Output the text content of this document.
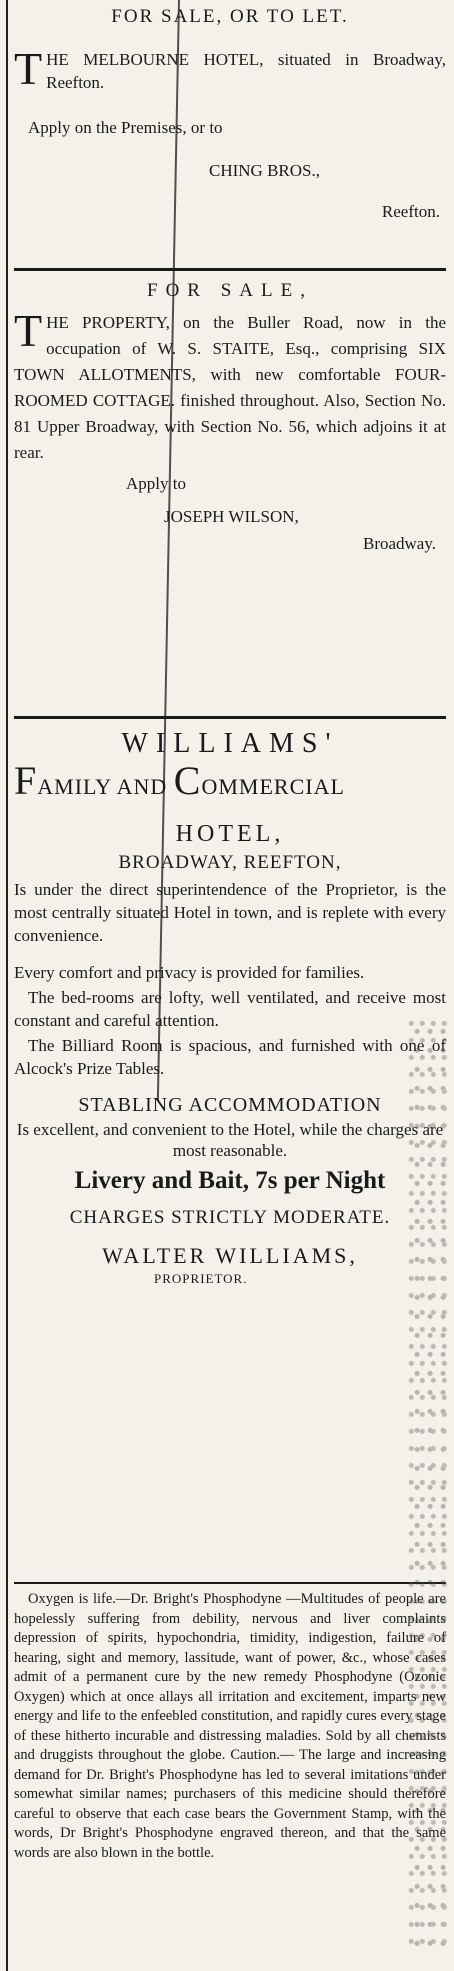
FOR SALE, OR TO LET.

T HE MELBOURNE HOTEL, situated in Broadway, Reefton.

Apply on the Premises, or to

CHING BROS.,

Reefton.

FOR SALE,

T HE PROPERTY, on the Buller Road, now in the occupation of W. S. STAITE, Esq., comprising SIX TOWN ALLOTMENTS, with new comfortable FOUR-ROOMED COTTAGE. finished throughout. Also, Section No. 81 Upper Broadway, with Section No. 56, which adjoins it at rear.

Apply to

JOSEPH WILSON,

Broadway.

WILLIAMS'

FAMILY AND COMMERCIAL

HOTEL,

BROADWAY, REEFTON,

Is under the direct superintendence of the Proprietor, is the most centrally situated Hotel in town, and is replete with every convenience.

Every comfort and privacy is provided for families.

The bed-rooms are lofty, well ventilated, and receive most constant and careful attention.

The Billiard Room is spacious, and furnished with one of Alcock's Prize Tables.

STABLING ACCOMMODATION

Is excellent, and convenient to the Hotel, while the charges are most reasonable.

Livery and Bait, 7s per Night

CHARGES STRICTLY MODERATE.

WALTER WILLIAMS,

PROPRIETOR.

Oxygen is life.—Dr. Bright's Phosphodyne —Multitudes of people are hopelessly suffering from debility, nervous and liver complaints depression of spirits, hypochondria, timidity, indigestion, failure of hearing, sight and memory, lassitude, want of power, &c., whose cases admit of a permanent cure by the new remedy Phosphodyne (Ozonic Oxygen) which at once allays all irritation and excitement, imparts new energy and life to the enfeebled constitution, and rapidly cures every stage of these hitherto incurable and distressing maladies. Sold by all chemists and druggists throughout the globe. Caution.— The large and increasing demand for Dr. Bright's Phosphodyne has led to several imitations under somewhat similar names; purchasers of this medicine should therefore careful to observe that each case bears the Government Stamp, with the words, Dr Bright's Phosphodyne engraved thereon, and that the same words are also blown in the bottle.
